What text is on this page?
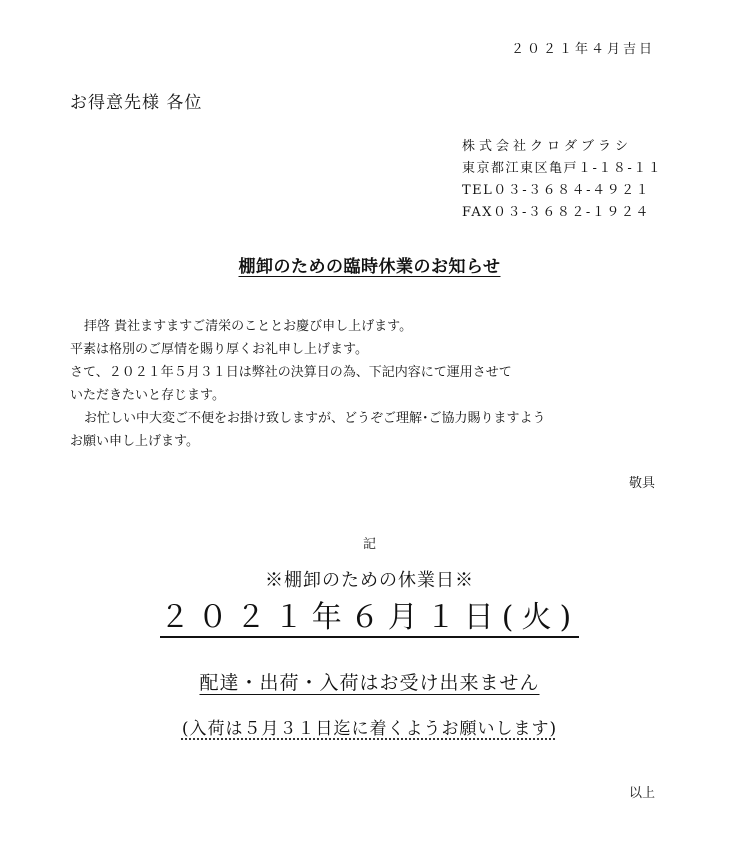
２０２１年４月吉日
お得意先様 各位
株式会社クロダブラシ
東京都江東区亀戸１-１８-１１
TEL０３-３６８４-４９２１
FAX０３-３６８２-１９２４
棚卸のための臨時休業のお知らせ
拝啓 貴社ますますご清栄のこととお慶び申し上げます。
平素は格別のご厚情を賜り厚くお礼申し上げます。
さて、２０２１年５月３１日は弊社の決算日の為、下記内容にて運用させて
いただきたいと存じます。
お忙しい中大変ご不便をお掛け致しますが、どうぞご理解･ご協力賜りますよう
お願い申し上げます。
敬具
記
※棚卸のための休業日※
２０２１年６月１日(火)
配達・出荷・入荷はお受け出来ません
(入荷は５月３１日迄に着くようお願いします)
以上
